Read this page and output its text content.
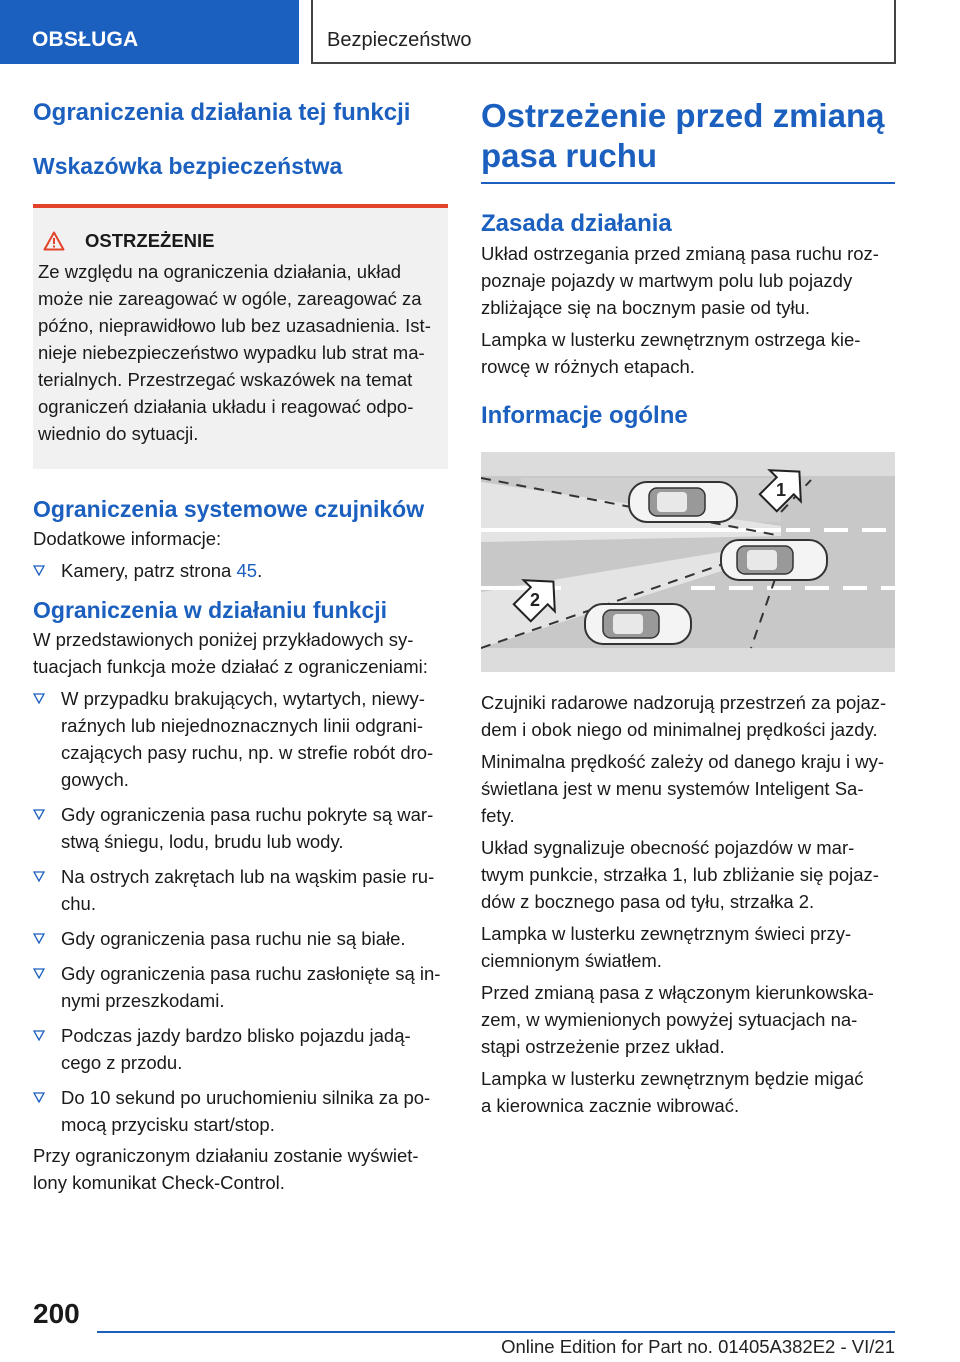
OBSŁUGA	Bezpieczeństwo
Ograniczenia działania tej funkcji
Wskazówka bezpieczeństwa
OSTRZEŻENIE

Ze względu na ograniczenia działania, układ
może nie zareagować w ogóle, zareagować za
późno, nieprawidłowo lub bez uzasadnienia. Ist-
nieje niebezpieczeństwo wypadku lub strat ma-
terialnych. Przestrzegać wskazówek na temat
ograniczeń działania układu i reagować odpo-
wiednio do sytuacji.

Ograniczenia systemowe czujników

Dodatkowe informacje:

Kamery, patrz strona 45.
Ograniczenia w działaniu funkcji

W przedstawionych poniżej przykładowych sy-
tuacjach funkcja może działać z ograniczeniami:

W przypadku brakujących, wytartych, niewy-
raźnych lub niejednoznacznych linii odgrani-
czających pasy ruchu, np. w strefie robót dro-
gowych.
Gdy ograniczenia pasa ruchu pokryte są war-
stwą śniegu, lodu, brudu lub wody.
Na ostrych zakrętach lub na wąskim pasie ru-
chu.
Gdy ograniczenia pasa ruchu nie są białe.
Gdy ograniczenia pasa ruchu zasłonięte są in-
nymi przeszkodami.
Podczas jazdy bardzo blisko pojazdu jadą-
cego z przodu.
Do 10 sekund po uruchomieniu silnika za po-
mocą przycisku start/stop.

Przy ograniczonym działaniu zostanie wyświet-
lony komunikat Check-Control.

Ostrzeżenie przed zmianą
pasa ruchu
Zasada działania

Układ ostrzegania przed zmianą pasa ruchu roz-
poznaje pojazdy w martwym polu lub pojazdy
zbliżające się na bocznym pasie od tyłu.

Lampka w lusterku zewnętrznym ostrzega kie-
rowcę w różnych etapach.

Informacje ogólne
1
2

Czujniki radarowe nadzorują przestrzeń za pojaz-
dem i obok niego od minimalnej prędkości jazdy.

Minimalna prędkość zależy od danego kraju i wy-
świetlana jest w menu systemów Inteligent Sa-
fety.

Układ sygnalizuje obecność pojazdów w mar-
twym punkcie, strzałka 1, lub zbliżanie się pojaz-
dów z bocznego pasa od tyłu, strzałka 2.

Lampka w lusterku zewnętrznym świeci przy-
ciemnionym światłem.

Przed zmianą pasa z włączonym kierunkowska-
zem, w wymienionych powyżej sytuacjach na-
stąpi ostrzeżenie przez układ.

Lampka w lusterku zewnętrznym będzie migać
a kierownica zacznie wibrować.

200
Online Edition for Part no. 01405A382E2 - VI/21
